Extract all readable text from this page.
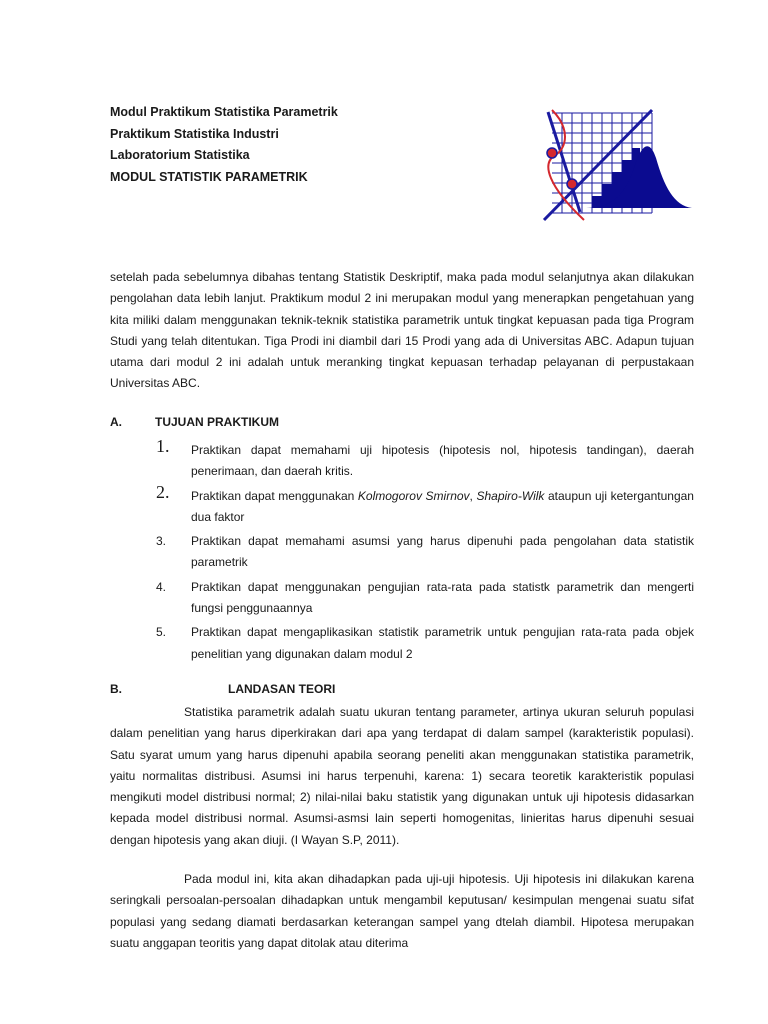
Modul Praktikum Statistika Parametrik
Praktikum Statistika Industri
Laboratorium Statistika
MODUL STATISTIK PARAMETRIK
setelah pada sebelumnya dibahas tentang Statistik Deskriptif, maka pada modul selanjutnya akan dilakukan pengolahan data lebih lanjut. Praktikum modul 2 ini merupakan modul yang menerapkan pengetahuan yang kita miliki dalam menggunakan teknik-teknik statistika parametrik untuk tingkat kepuasan pada tiga Program Studi yang telah ditentukan. Tiga Prodi ini diambil dari 15 Prodi yang ada di Universitas ABC. Adapun tujuan utama dari modul 2 ini adalah untuk meranking tingkat kepuasan terhadap pelayanan di perpustakaan Universitas ABC.
A.	TUJUAN PRAKTIKUM
1. Praktikan dapat memahami uji hipotesis (hipotesis nol, hipotesis tandingan), daerah penerimaan, dan daerah kritis.
2. Praktikan dapat menggunakan Kolmogorov Smirnov, Shapiro-Wilk ataupun uji ketergantungan dua faktor
3. Praktikan dapat memahami asumsi yang harus dipenuhi pada pengolahan data statistik parametrik
4. Praktikan dapat menggunakan pengujian rata-rata pada statistk parametrik dan mengerti fungsi penggunaannya
5. Praktikan dapat mengaplikasikan statistik parametrik untuk pengujian rata-rata pada objek penelitian yang digunakan dalam modul 2
B.	LANDASAN TEORI
Statistika parametrik adalah suatu ukuran tentang parameter, artinya ukuran seluruh populasi dalam penelitian yang harus diperkirakan dari apa yang terdapat di dalam sampel (karakteristik populasi). Satu syarat umum yang harus dipenuhi apabila seorang peneliti akan menggunakan statistika parametrik, yaitu normalitas distribusi. Asumsi ini harus terpenuhi, karena: 1) secara teoretik karakteristik populasi mengikuti model distribusi normal; 2) nilai-nilai baku statistik yang digunakan untuk uji hipotesis didasarkan kepada model distribusi normal. Asumsi-asmsi lain seperti homogenitas, linieritas harus dipenuhi sesuai dengan hipotesis yang akan diuji. (I Wayan S.P, 2011).
Pada modul ini, kita akan dihadapkan pada uji-uji hipotesis. Uji hipotesis ini dilakukan karena seringkali persoalan-persoalan dihadapkan untuk mengambil keputusan/ kesimpulan mengenai suatu sifat populasi yang sedang diamati berdasarkan keterangan sampel yang dtelah diambil. Hipotesa merupakan suatu anggapan teoritis yang dapat ditolak atau diterima
